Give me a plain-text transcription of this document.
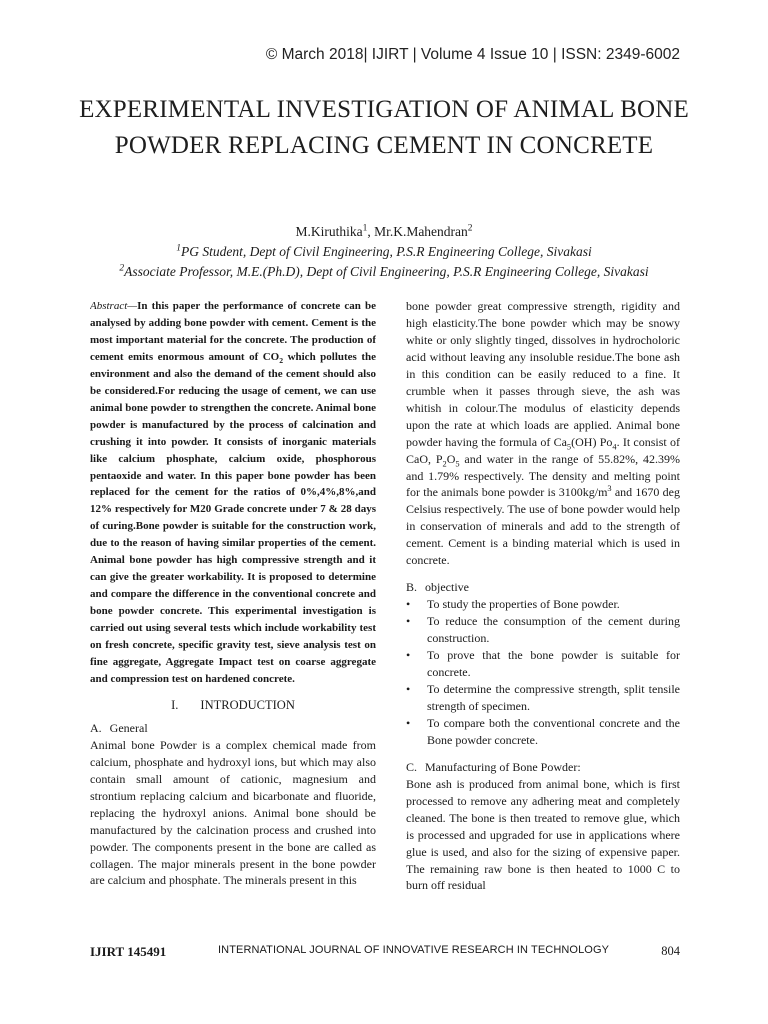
© March 2018| IJIRT | Volume 4 Issue 10 | ISSN: 2349-6002
EXPERIMENTAL INVESTIGATION OF ANIMAL BONE POWDER REPLACING CEMENT IN CONCRETE
M.Kiruthika$^1$, Mr.K.Mahendran$^2$
$^1$PG Student, Dept of Civil Engineering, P.S.R Engineering College, Sivakasi
$^2$Associate Professor, M.E.(Ph.D), Dept of Civil Engineering, P.S.R Engineering College, Sivakasi

Abstract—In this paper the performance of concrete can be analysed by adding bone powder with cement. Cement is the most important material for the concrete. The production of cement emits enormous amount of $CO_2$ which pollutes the environment and also the demand of the cement should also be considered.For reducing the usage of cement, we can use animal bone powder to strengthen the concrete. Animal bone powder is manufactured by the process of calcination and crushing it into powder. It consists of inorganic materials like calcium phosphate, calcium oxide, phosphorous pentaoxide and water. In this paper bone powder has been replaced for the cement for the ratios of 0%,4%,8%,and 12% respectively for M20 Grade concrete under 7 & 28 days of curing.Bone powder is suitable for the construction work, due to the reason of having similar properties of the cement. Animal bone powder has high compressive strength and it can give the greater workability. It is proposed to determine and compare the difference in the conventional concrete and bone powder concrete. This experimental investigation is carried out using several tests which include workability test on fresh concrete, specific gravity test, sieve analysis test on fine aggregate, Aggregate Impact test on coarse aggregate and compression test on hardened concrete.

I. INTRODUCTION

A. General

Animal bone Powder is a complex chemical made from calcium, phosphate and hydroxyl ions, but which may also contain small amount of cationic, magnesium and strontium replacing calcium and bicarbonate and fluoride, replacing the hydroxyl anions. Animal bone should be manufactured by the calcination process and crushed into powder. The components present in the bone are called as collagen. The major minerals present in the bone powder are calcium and phosphate. The minerals present in this

bone powder great compressive strength, rigidity and high elasticity.The bone powder which may be snowy white or only slightly tinged, dissolves in hydrocholoric acid without leaving any insoluble residue.The bone ash in this condition can be easily reduced to a fine. It crumble when it passes through sieve, the ash was whitish in colour.The modulus of elasticity depends upon the rate at which loads are applied. Animal bone powder having the formula of $Ca_5(OH)$ $Po_4$. It consist of CaO, $P_2O_5$ and water in the range of 55.82%, 42.39% and 1.79% respectively. The density and melting point for the animals bone powder is $3100kg/m^3$ and 1670 deg Celsius respectively. The use of bone powder would help in conservation of minerals and add to the strength of cement. Cement is a binding material which is used in concrete.

B. objective

• To study the properties of Bone powder.
• To reduce the consumption of the cement during construction.
• To prove that the bone powder is suitable for concrete.
• To determine the compressive strength, split tensile strength of specimen.
• To compare both the conventional concrete and the Bone powder concrete.

C. Manufacturing of Bone Powder:

Bone ash is produced from animal bone, which is first processed to remove any adhering meat and completely cleaned. The bone is then treated to remove glue, which is processed and upgraded for use in applications where glue is used, and also for the sizing of expensive paper. The remaining raw bone is then heated to 1000 C to burn off residual

IJIRT 145491	INTERNATIONAL JOURNAL OF INNOVATIVE RESEARCH IN TECHNOLOGY	804
